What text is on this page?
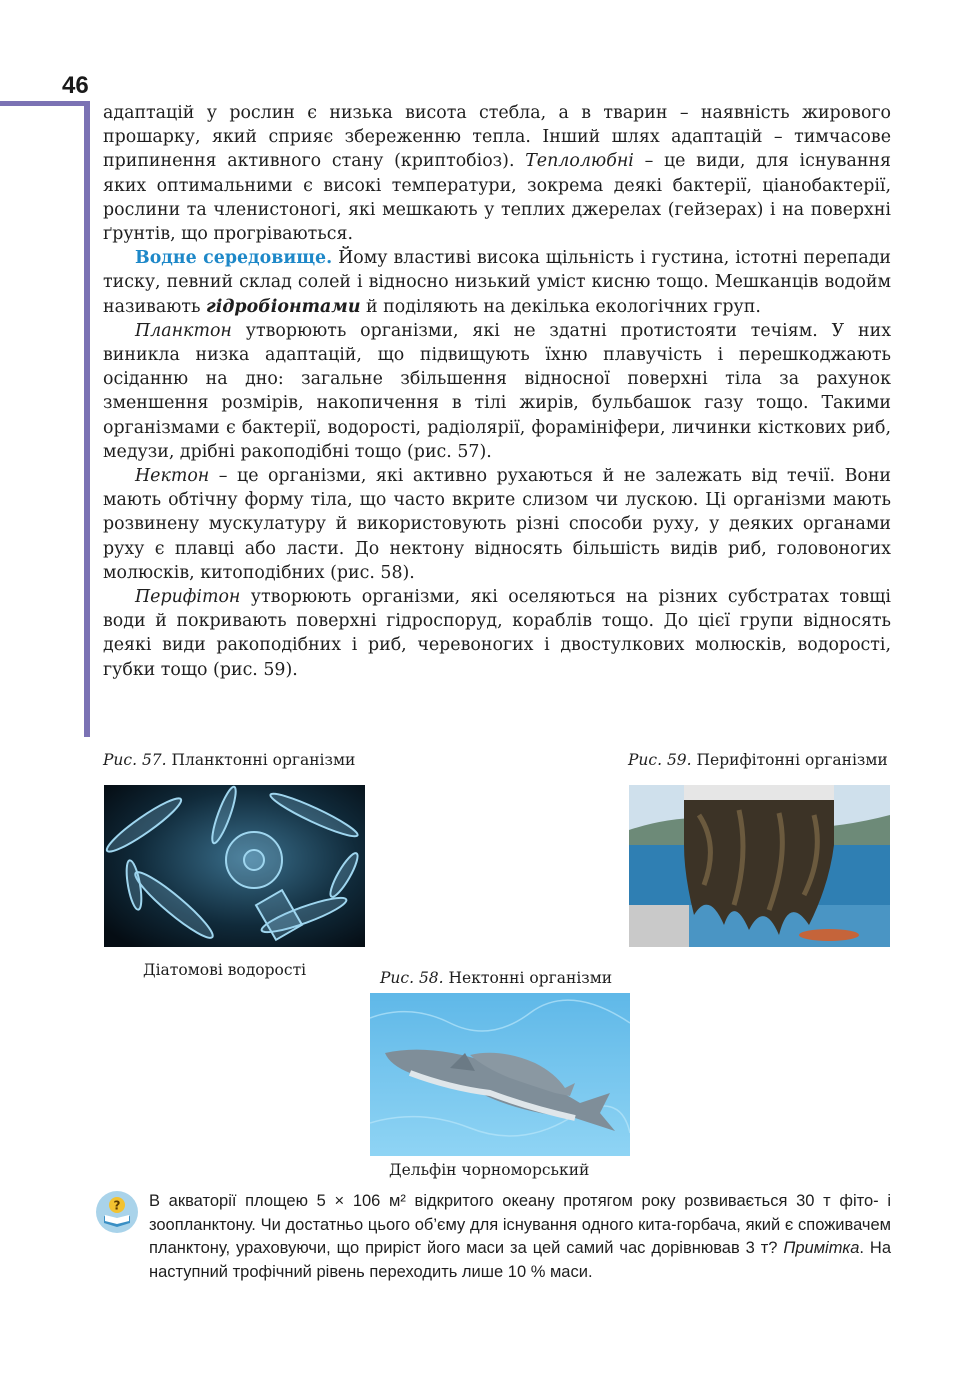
46

адаптацій у рослин є низька висота стебла, а в тварин – наявність жирового прошарку, який сприяє збереженню тепла. Інший шлях адаптацій – тимчасове припинення активного стану (криптобіоз). Теплолюбні – це види, для існування яких оптимальними є високі температури, зокрема деякі бактерії, ціанобактерії, рослини та членистоногі, які мешкають у теплих джерелах (гейзерах) і на поверхні ґрунтів, що прогріваються.

Водне середовище. Йому властиві висока щільність і густина, істотні перепади тиску, певний склад солей і відносно низький уміст кисню тощо. Мешканців водойм називають гідробіонтами й поділяють на декілька екологічних груп.

Планктон утворюють організми, які не здатні протистояти течіям. У них виникла низка адаптацій, що підвищують їхню плавучість і перешкоджають осіданню на дно: загальне збільшення відносної поверхні тіла за рахунок зменшення розмірів, накопичення в тілі жирів, бульбашок газу тощо. Такими організмами є бактерії, водорості, радіолярії, форамініфери, личинки кісткових риб, медузи, дрібні ракоподібні тощо (рис. 57).

Нектон – це організми, які активно рухаються й не залежать від течії. Вони мають обтічну форму тіла, що часто вкрите слизом чи лускою. Ці організми мають розвинену мускулатуру й використовують різні способи руху, у деяких органами руху є плавці або ласти. До нектону відносять більшість видів риб, головоногих молюсків, китоподібних (рис. 58).

Перифітон утворюють організми, які оселяються на різних субстратах товщі води й покривають поверхні гідроспоруд, кораблів тощо. До цієї групи відносять деякі види ракоподібних і риб, черевоногих і двостулкових молюсків, водорості, губки тощо (рис. 59).

Рис. 57. Планктонні організми
Діатомові водорості
Рис. 59. Перифітонні організми
Рис. 58. Нектонні організми
Дельфін чорноморський
? В акваторії площею 5 × 106 м² відкритого океану протягом року розвивається 30 т фіто- і зоопланктону. Чи достатньо цього об’єму для існування одного кита-горбача, який є споживачем планктону, ураховуючи, що приріст його маси за цей самий час дорівнював 3 т? Примітка. На наступний трофічний рівень переходить лише 10 % маси.
